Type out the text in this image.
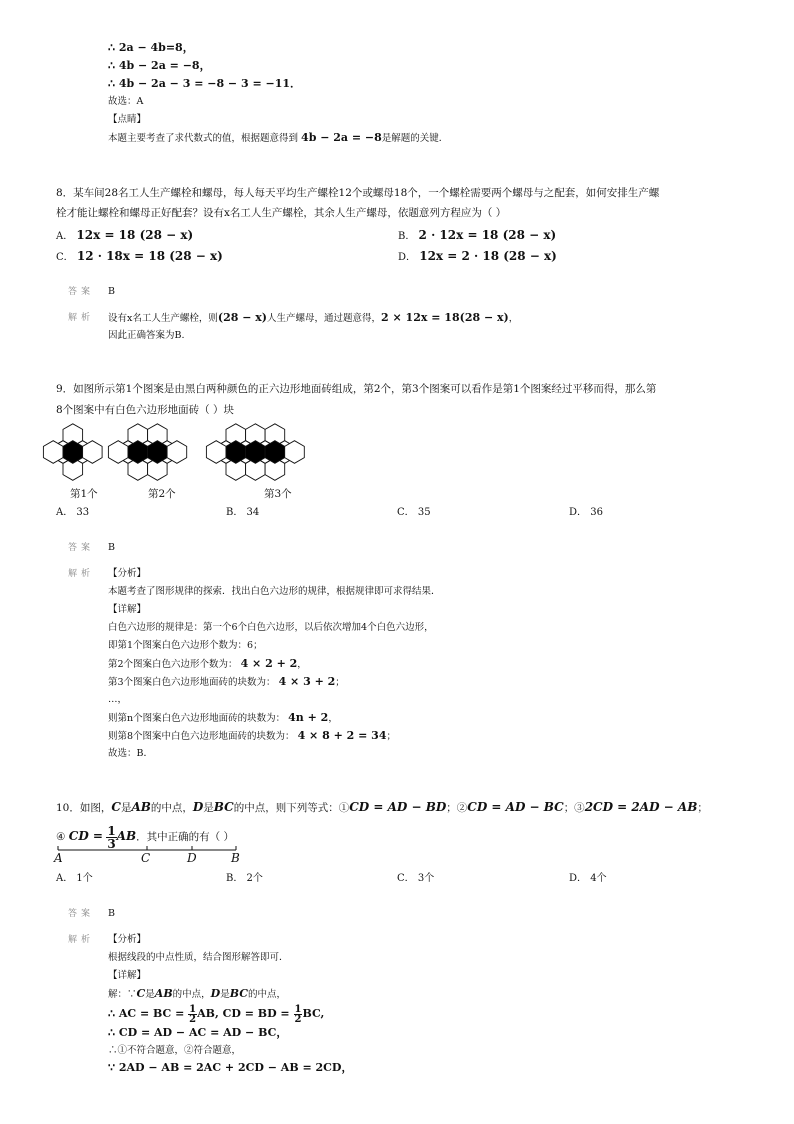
∴ 2a − 4b=8，
∴ 4b − 2a = −8，
∴ 4b − 2a − 3 = −8 − 3 = −11．
故选：A
【点睛】
本题主要考查了求代数式的值，根据题意得到 4b − 2a = −8是解题的关键．
8．某车间28名工人生产螺栓和螺母，每人每天平均生产螺栓12个或螺母18个，一个螺栓需要两个螺母与之配套，如何安排生产螺
栓才能让螺栓和螺母正好配套？设有x名工人生产螺栓，其余人生产螺母，依题意列方程应为（ ）
A． 12x = 18 (28 − x)	B． 2 · 12x = 18 (28 − x)
C． 12 · 18x = 18 (28 − x)	D． 12x = 2 · 18 (28 − x)
答案 B
解析 设有x名工人生产螺栓，则(28 − x)人生产螺母，通过题意得，2 × 12x = 18(28 − x)，
因此正确答案为B.
9．如图所示第1个图案是由黑白两种颜色的正六边形地面砖组成，第2个，第3个图案可以看作是第1个图案经过平移而得，那么第
8个图案中有白色六边形地面砖（ ）块
第1个	第2个	第3个
A． 33	B． 34	C． 35	D． 36
答案 B
解析 【分析】
本题考查了图形规律的探索．找出白色六边形的规律，根据规律即可求得结果．
【详解】
白色六边形的规律是：第一个6个白色六边形，以后依次增加4个白色六边形，
即第1个图案白色六边形个数为：6；
第2个图案白色六边形个数为： 4 × 2 + 2，
第3个图案白色六边形地面砖的块数为： 4 × 3 + 2；
…，
则第n个图案白色六边形地面砖的块数为： 4n + 2，
则第8个图案中白色六边形地面砖的块数为： 4 × 8 + 2 = 34；
故选：B．
10．如图，C是AB的中点，D是BC的中点，则下列等式：①CD = AD − BD；②CD = AD − BC；③2CD = 2AD − AB；
④ CD = $\frac{1}{3}$ AB．其中正确的有（ ）
A	C	D	B
A． 1个	B． 2个	C． 3个	D． 4个
答案 B
解析 【分析】
根据线段的中点性质，结合图形解答即可．
【详解】
解：∵C是AB的中点，D是BC的中点，
∴ AC = BC = $\frac{1}{2}$ AB, CD = BD = $\frac{1}{2}$ BC,
∴ CD = AD − AC = AD − BC，
∴①不符合题意，②符合题意，
∵ 2AD − AB = 2AC + 2CD − AB = 2CD，
